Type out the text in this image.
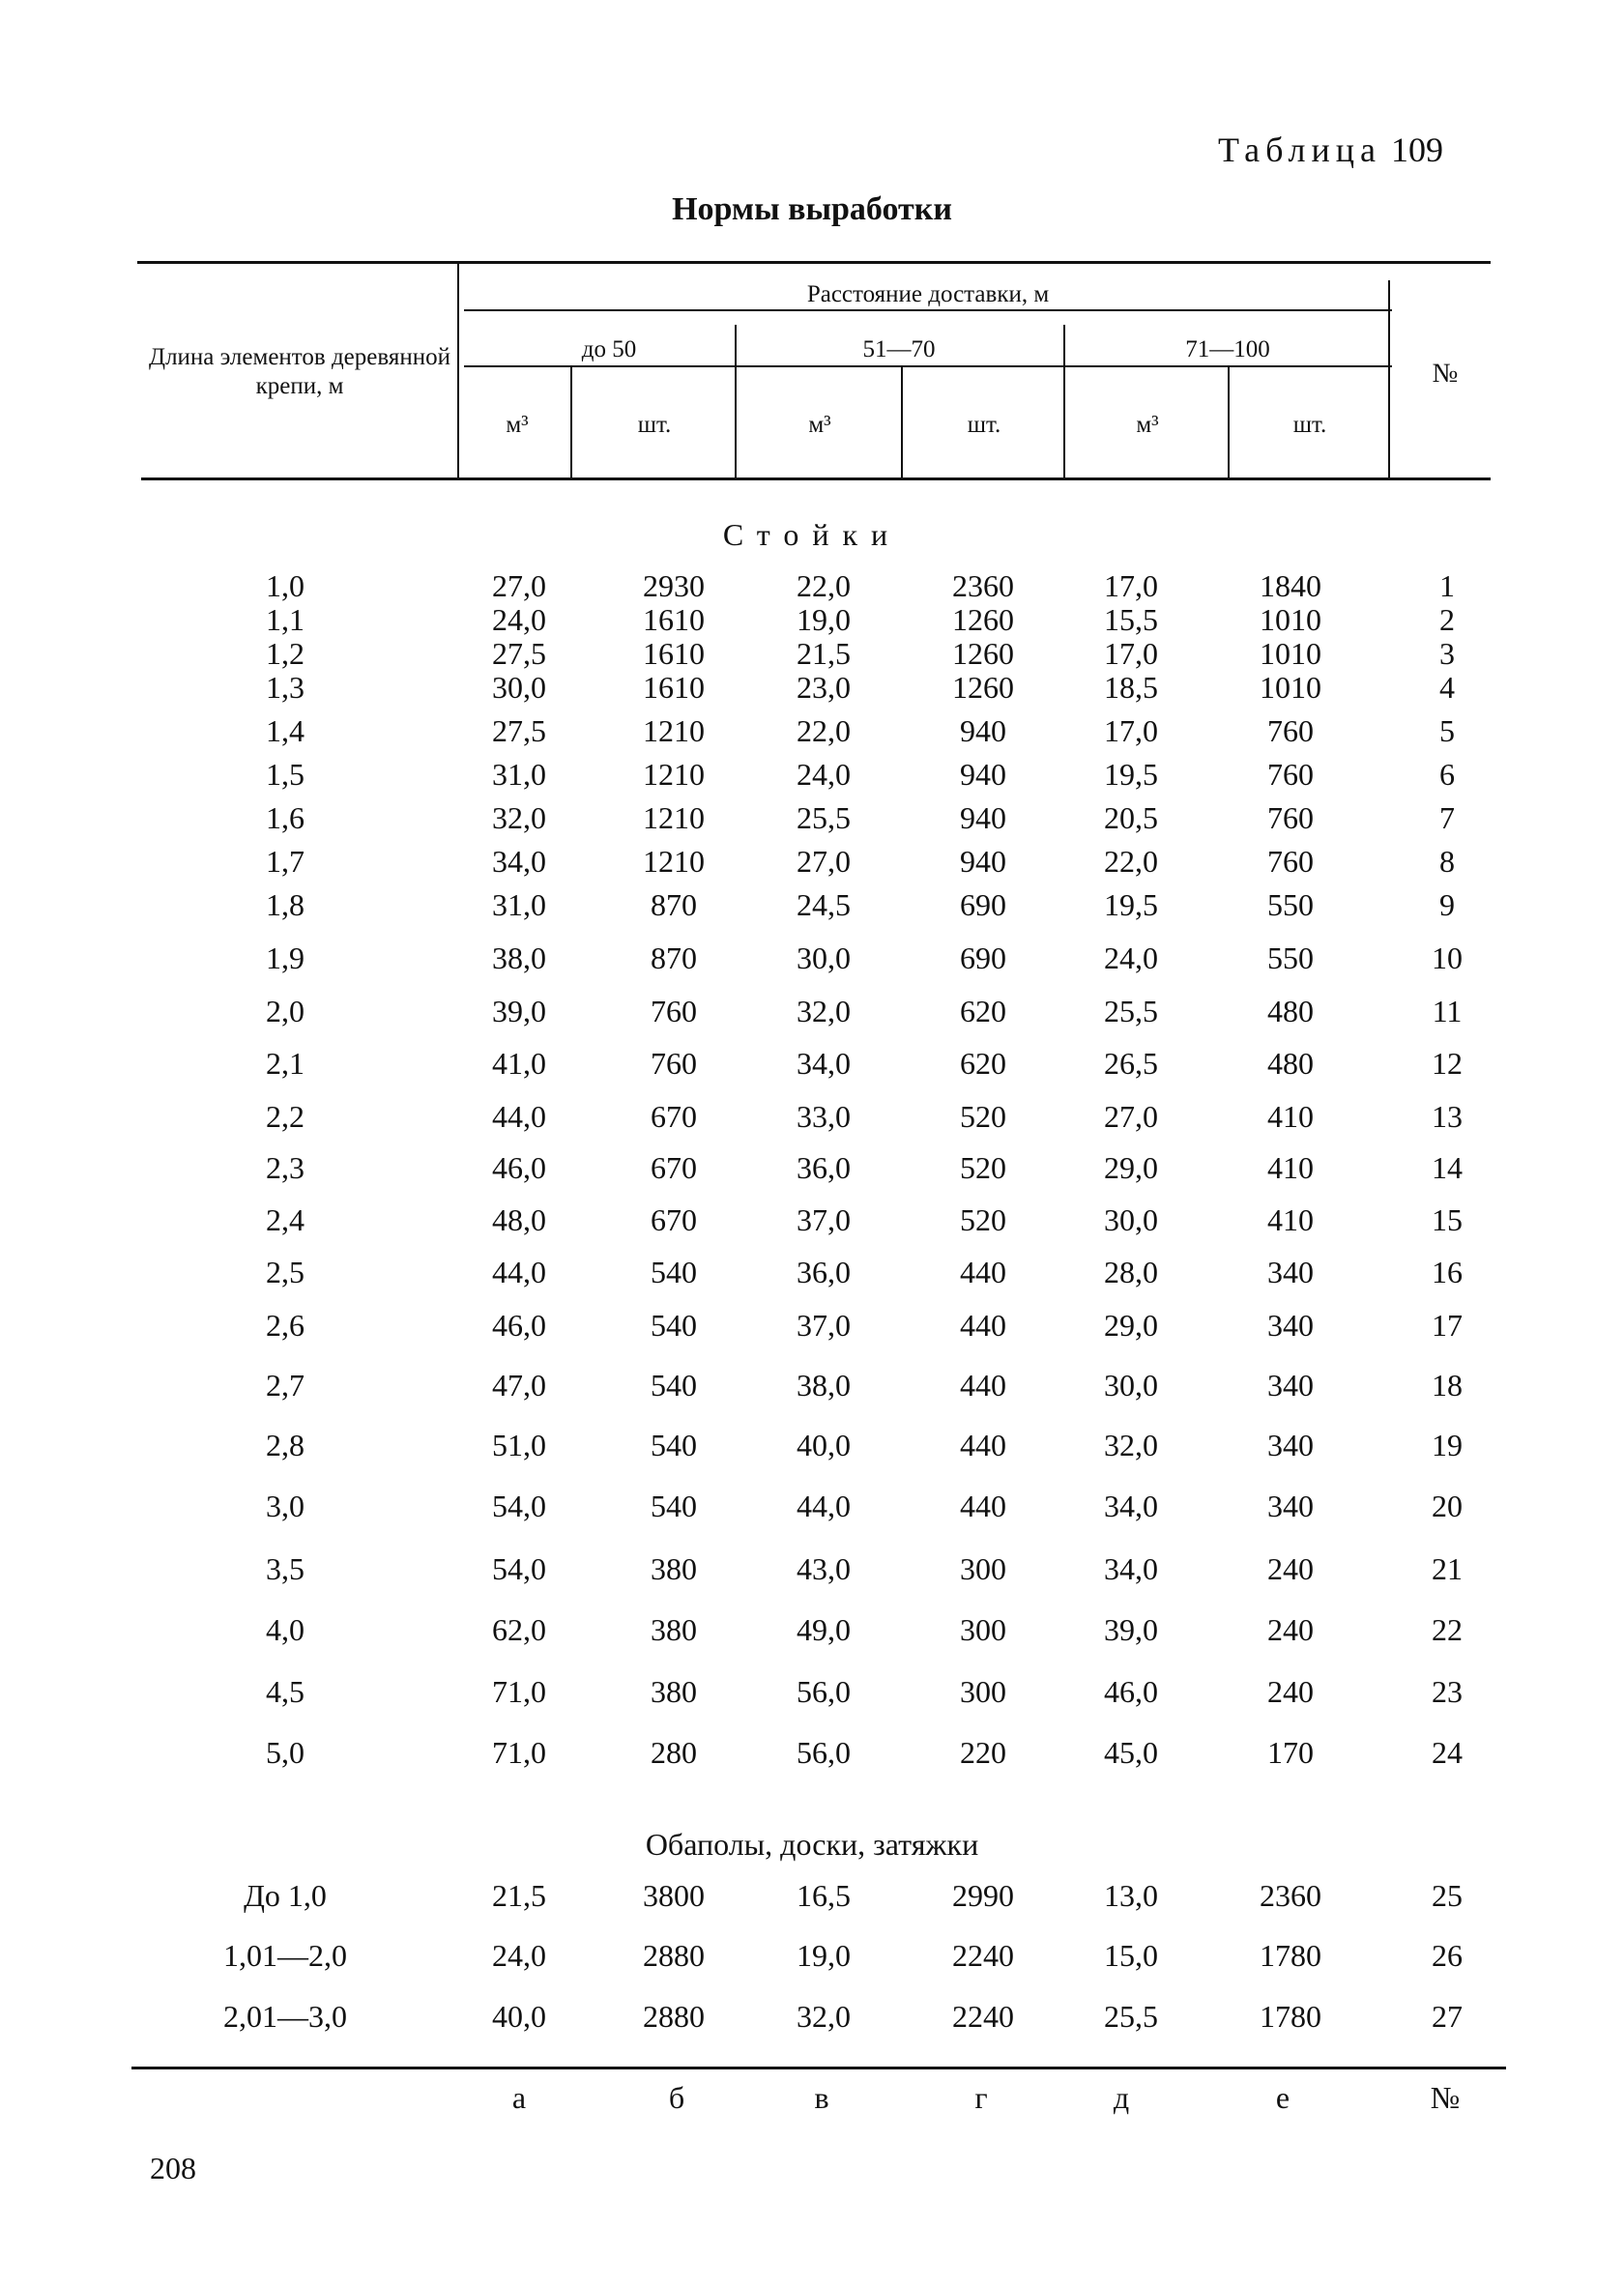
Таблица 109
Нормы выработки
Длина элементов деревянной крепи, м
Расстояние доставки, м
до 50	51—70	71—100
м³	шт.	м³	шт.	м³	шт.
№
Стойки
Обаполы, доски, затяжки
1,0	27,0	2930	22,0	2360	17,0	1840	1
1,1	24,0	1610	19,0	1260	15,5	1010	2
1,2	27,5	1610	21,5	1260	17,0	1010	3
1,3	30,0	1610	23,0	1260	18,5	1010	4
1,4	27,5	1210	22,0	940	17,0	760	5
1,5	31,0	1210	24,0	940	19,5	760	6
1,6	32,0	1210	25,5	940	20,5	760	7
1,7	34,0	1210	27,0	940	22,0	760	8
1,8	31,0	870	24,5	690	19,5	550	9
1,9	38,0	870	30,0	690	24,0	550	10
2,0	39,0	760	32,0	620	25,5	480	11
2,1	41,0	760	34,0	620	26,5	480	12
2,2	44,0	670	33,0	520	27,0	410	13
2,3	46,0	670	36,0	520	29,0	410	14
2,4	48,0	670	37,0	520	30,0	410	15
2,5	44,0	540	36,0	440	28,0	340	16
2,6	46,0	540	37,0	440	29,0	340	17
2,7	47,0	540	38,0	440	30,0	340	18
2,8	51,0	540	40,0	440	32,0	340	19
3,0	54,0	540	44,0	440	34,0	340	20
3,5	54,0	380	43,0	300	34,0	240	21
4,0	62,0	380	49,0	300	39,0	240	22
4,5	71,0	380	56,0	300	46,0	240	23
5,0	71,0	280	56,0	220	45,0	170	24
До 1,0	21,5	3800	16,5	2990	13,0	2360	25
1,01—2,0	24,0	2880	19,0	2240	15,0	1780	26
2,01—3,0	40,0	2880	32,0	2240	25,5	1780	27
а	б	в	г	д	е	№
208
